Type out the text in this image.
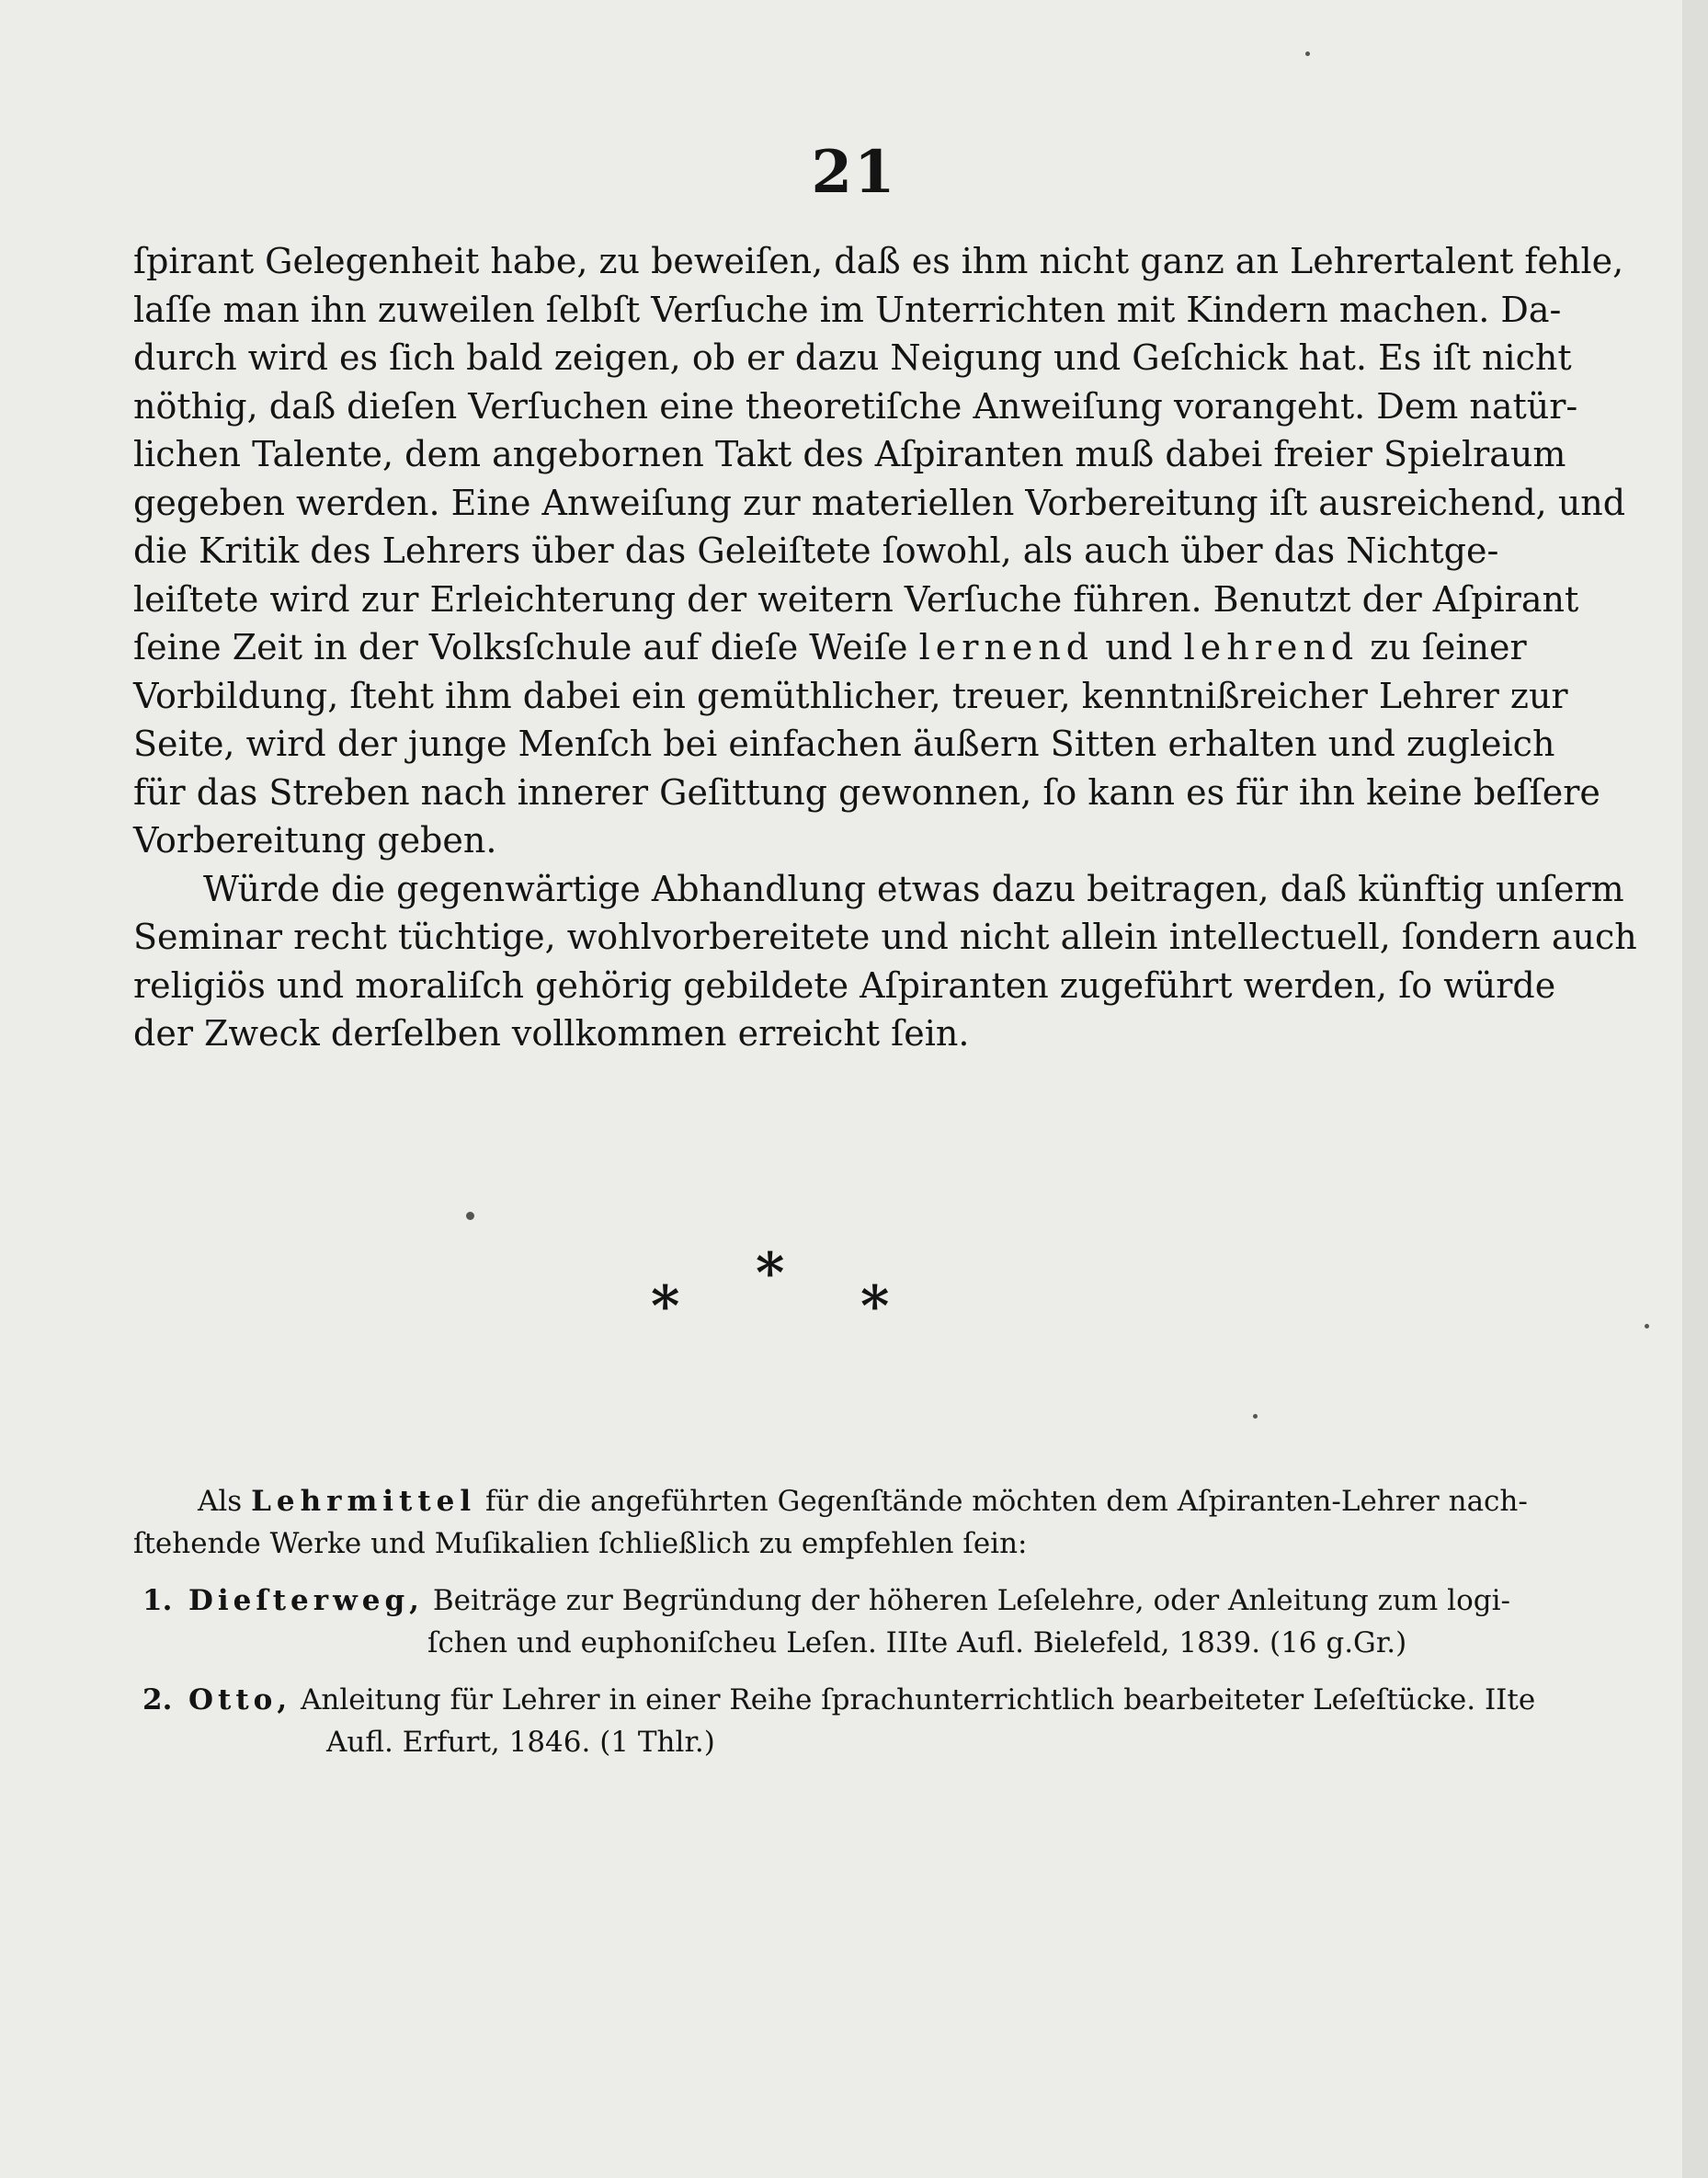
21
ſpirant Gelegenheit habe, zu beweiſen, daß es ihm nicht ganz an Lehrertalent fehle,
laſſe man ihn zuweilen ſelbſt Verſuche im Unterrichten mit Kindern machen. Da-
durch wird es ſich bald zeigen, ob er dazu Neigung und Geſchick hat. Es iſt nicht
nöthig, daß dieſen Verſuchen eine theoretiſche Anweiſung vorangeht. Dem natür-
lichen Talente, dem angebornen Takt des Aſpiranten muß dabei freier Spielraum
gegeben werden. Eine Anweiſung zur materiellen Vorbereitung iſt ausreichend, und
die Kritik des Lehrers über das Geleiſtete ſowohl, als auch über das Nichtge-
leiſtete wird zur Erleichterung der weitern Verſuche führen. Benutzt der Aſpirant
ſeine Zeit in der Volksſchule auf dieſe Weiſe lernend und lehrend zu ſeiner
Vorbildung, ſteht ihm dabei ein gemüthlicher, treuer, kenntnißreicher Lehrer zur
Seite, wird der junge Menſch bei einfachen äußern Sitten erhalten und zugleich
für das Streben nach innerer Geſittung gewonnen, ſo kann es für ihn keine beſſere
Vorbereitung geben.
Würde die gegenwärtige Abhandlung etwas dazu beitragen, daß künftig unſerm
Seminar recht tüchtige, wohlvorbereitete und nicht allein intellectuell, ſondern auch
religiös und moraliſch gehörig gebildete Aſpiranten zugeführt werden, ſo würde
der Zweck derſelben vollkommen erreicht ſein.
*
*
*
Als Lehrmittel für die angeführten Gegenſtände möchten dem Aſpiranten-Lehrer nach-
ſtehende Werke und Muſikalien ſchließlich zu empfehlen ſein:
1. Dieſterweg, Beiträge zur Begründung der höheren Leſelehre, oder Anleitung zum logi-
ſchen und euphoniſcheu Leſen. IIIte Aufl. Bielefeld, 1839. (16 g.Gr.)
2. Otto, Anleitung für Lehrer in einer Reihe ſprachunterrichtlich bearbeiteter Leſeſtücke. IIte
Aufl. Erfurt, 1846. (1 Thlr.)
